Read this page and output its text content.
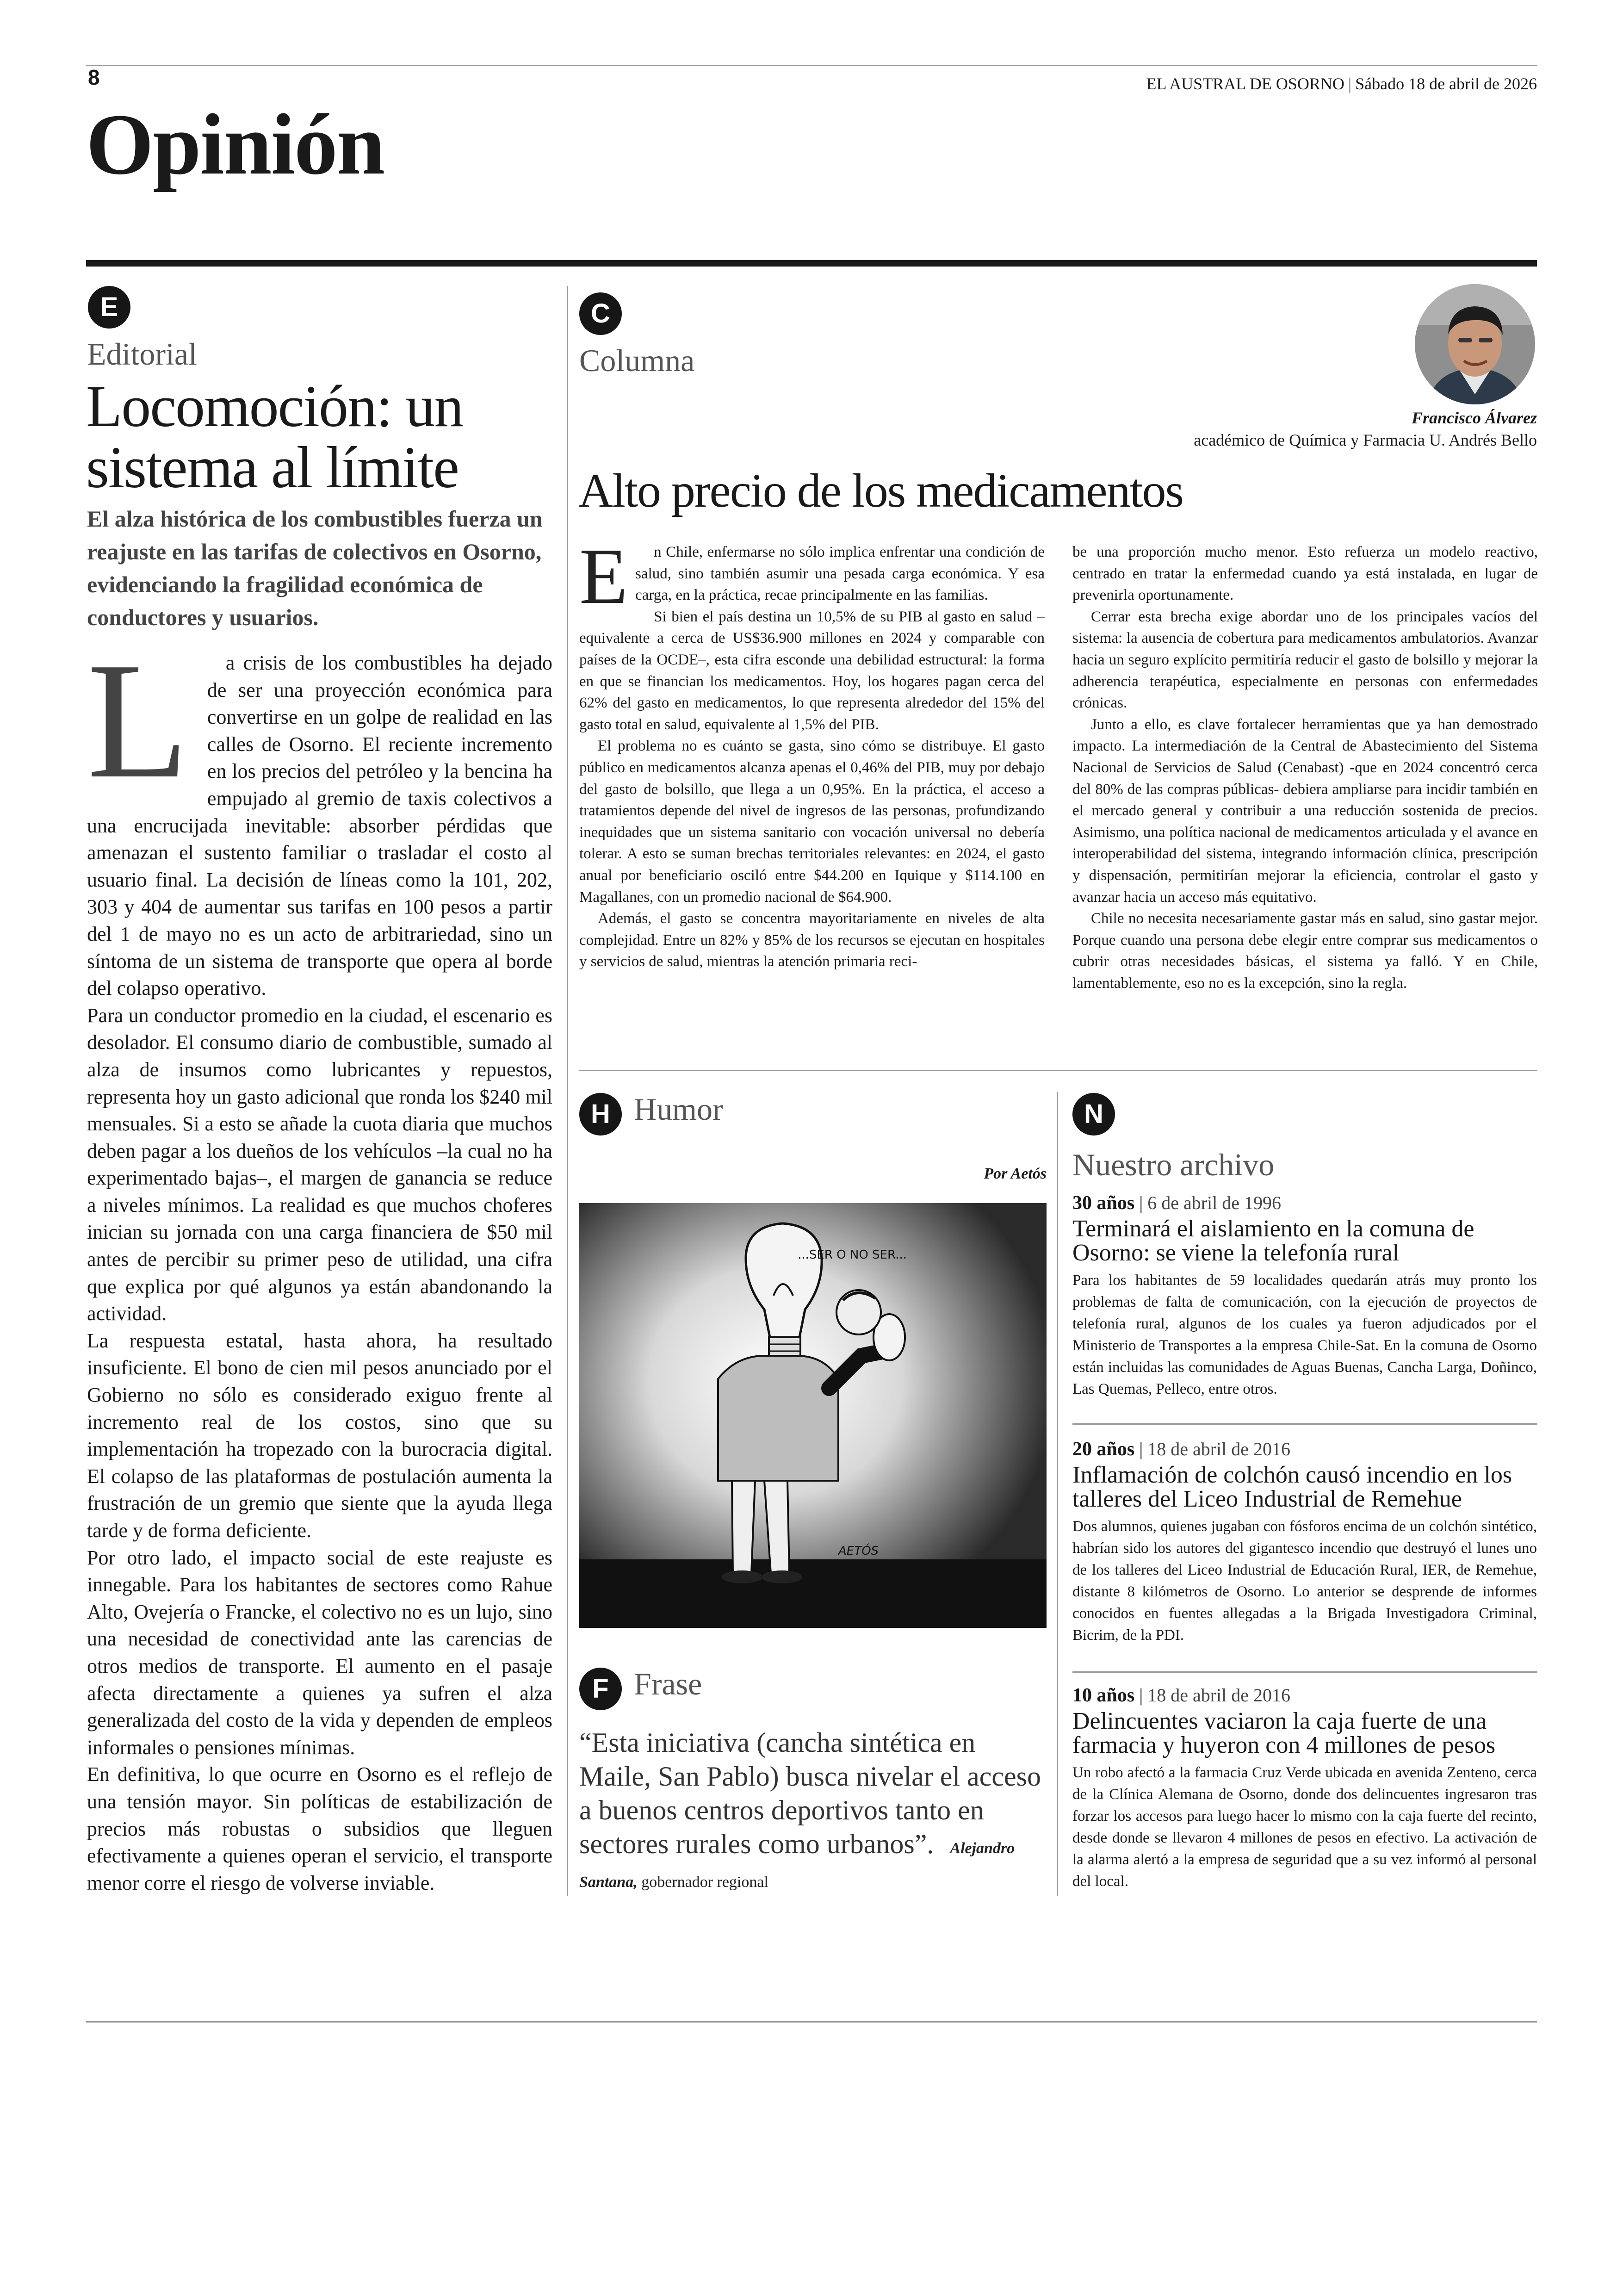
8	EL AUSTRAL DE OSORNO | Sábado 18 de abril de 2026
Opinión
E
Editorial
Locomoción: un sistema al límite
El alza histórica de los combustibles fuerza un reajuste en las tarifas de colectivos en Osorno, evidenciando la fragilidad económica de conductores y usuarios.
L	a crisis de los combustibles ha dejado de ser una proyección económica para convertirse en un golpe de realidad en las calles de Osorno. El reciente incremento en los precios del petróleo y la bencina ha empujado al gremio de taxis colectivos a una encrucijada inevitable: absorber pérdidas que amenazan el sustento familiar o trasladar el costo al usuario final. La decisión de líneas como la 101, 202, 303 y 404 de aumentar sus tarifas en 100 pesos a partir del 1 de mayo no es un acto de arbitrariedad, sino un síntoma de un sistema de transporte que opera al borde del colapso operativo.

Para un conductor promedio en la ciudad, el escenario es desolador. El consumo diario de combustible, sumado al alza de insumos como lubricantes y repuestos, representa hoy un gasto adicional que ronda los $240 mil mensuales. Si a esto se añade la cuota diaria que muchos deben pagar a los dueños de los vehículos –la cual no ha experimentado bajas–, el margen de ganancia se reduce a niveles mínimos. La realidad es que muchos choferes inician su jornada con una carga financiera de $50 mil antes de percibir su primer peso de utilidad, una cifra que explica por qué algunos ya están abandonando la actividad.

La respuesta estatal, hasta ahora, ha resultado insuficiente. El bono de cien mil pesos anunciado por el Gobierno no sólo es considerado exiguo frente al incremento real de los costos, sino que su implementación ha tropezado con la burocracia digital. El colapso de las plataformas de postulación aumenta la frustración de un gremio que siente que la ayuda llega tarde y de forma deficiente.

Por otro lado, el impacto social de este reajuste es innegable. Para los habitantes de sectores como Rahue Alto, Ovejería o Francke, el colectivo no es un lujo, sino una necesidad de conectividad ante las carencias de otros medios de transporte. El aumento en el pasaje afecta directamente a quienes ya sufren el alza generalizada del costo de la vida y dependen de empleos informales o pensiones mínimas.

En definitiva, lo que ocurre en Osorno es el reflejo de una tensión mayor. Sin políticas de estabilización de precios más robustas o subsidios que lleguen efectivamente a quienes operan el servicio, el transporte menor corre el riesgo de volverse inviable.

C
Columna
Francisco Álvarez
académico de Química y Farmacia U. Andrés Bello
Alto precio de los medicamentos
E	n Chile, enfermarse no sólo implica enfrentar una condición de salud, sino también asumir una pesada carga económica. Y esa carga, en la práctica, recae principalmente en las familias.

Si bien el país destina un 10,5% de su PIB al gasto en salud –equivalente a cerca de US$36.900 millones en 2024 y comparable con países de la OCDE–, esta cifra esconde una debilidad estructural: la forma en que se financian los medicamentos. Hoy, los hogares pagan cerca del 62% del gasto en medicamentos, lo que representa alrededor del 15% del gasto total en salud, equivalente al 1,5% del PIB.

El problema no es cuánto se gasta, sino cómo se distribuye. El gasto público en medicamentos alcanza apenas el 0,46% del PIB, muy por debajo del gasto de bolsillo, que llega a un 0,95%. En la práctica, el acceso a tratamientos depende del nivel de ingresos de las personas, profundizando inequidades que un sistema sanitario con vocación universal no debería tolerar. A esto se suman brechas territoriales relevantes: en 2024, el gasto anual por beneficiario osciló entre $44.200 en Iquique y $114.100 en Magallanes, con un promedio nacional de $64.900.

Además, el gasto se concentra mayoritariamente en niveles de alta complejidad. Entre un 82% y 85% de los recursos se ejecutan en hospitales y servicios de salud, mientras la atención primaria reci-

be una proporción mucho menor. Esto refuerza un modelo reactivo, centrado en tratar la enfermedad cuando ya está instalada, en lugar de prevenirla oportunamente.

Cerrar esta brecha exige abordar uno de los principales vacíos del sistema: la ausencia de cobertura para medicamentos ambulatorios. Avanzar hacia un seguro explícito permitiría reducir el gasto de bolsillo y mejorar la adherencia terapéutica, especialmente en personas con enfermedades crónicas.

Junto a ello, es clave fortalecer herramientas que ya han demostrado impacto. La intermediación de la Central de Abastecimiento del Sistema Nacional de Servicios de Salud (Cenabast) -que en 2024 concentró cerca del 80% de las compras públicas- debiera ampliarse para incidir también en el mercado general y contribuir a una reducción sostenida de precios. Asimismo, una política nacional de medicamentos articulada y el avance en interoperabilidad del sistema, integrando información clínica, prescripción y dispensación, permitirían mejorar la eficiencia, controlar el gasto y avanzar hacia un acceso más equitativo.

Chile no necesita necesariamente gastar más en salud, sino gastar mejor. Porque cuando una persona debe elegir entre comprar sus medicamentos o cubrir otras necesidades básicas, el sistema ya falló. Y en Chile, lamentablemente, eso no es la excepción, sino la regla.

H Humor
Por Aetós
...SER O NO SER...
AETÓS
F Frase
“Esta iniciativa (cancha sintética en Maile, San Pablo) busca nivelar el acceso a buenos centros deportivos tanto en sectores rurales como urbanos”. Alejandro Santana, gobernador regional
N
Nuestro archivo
30 años | 6 de abril de 1996
Terminará el aislamiento en la comuna de Osorno: se viene la telefonía rural
Para los habitantes de 59 localidades quedarán atrás muy pronto los problemas de falta de comunicación, con la ejecución de proyectos de telefonía rural, algunos de los cuales ya fueron adjudicados por el Ministerio de Transportes a la empresa Chile-Sat. En la comuna de Osorno están incluidas las comunidades de Aguas Buenas, Cancha Larga, Doñinco, Las Quemas, Pelleco, entre otros.
20 años | 18 de abril de 2016
Inflamación de colchón causó incendio en los talleres del Liceo Industrial de Remehue
Dos alumnos, quienes jugaban con fósforos encima de un colchón sintético, habrían sido los autores del gigantesco incendio que destruyó el lunes uno de los talleres del Liceo Industrial de Educación Rural, IER, de Remehue, distante 8 kilómetros de Osorno. Lo anterior se desprende de informes conocidos en fuentes allegadas a la Brigada Investigadora Criminal, Bicrim, de la PDI.
10 años | 18 de abril de 2016
Delincuentes vaciaron la caja fuerte de una farmacia y huyeron con 4 millones de pesos
Un robo afectó a la farmacia Cruz Verde ubicada en avenida Zenteno, cerca de la Clínica Alemana de Osorno, donde dos delincuentes ingresaron tras forzar los accesos para luego hacer lo mismo con la caja fuerte del recinto, desde donde se llevaron 4 millones de pesos en efectivo. La activación de la alarma alertó a la empresa de seguridad que a su vez informó al personal del local.
